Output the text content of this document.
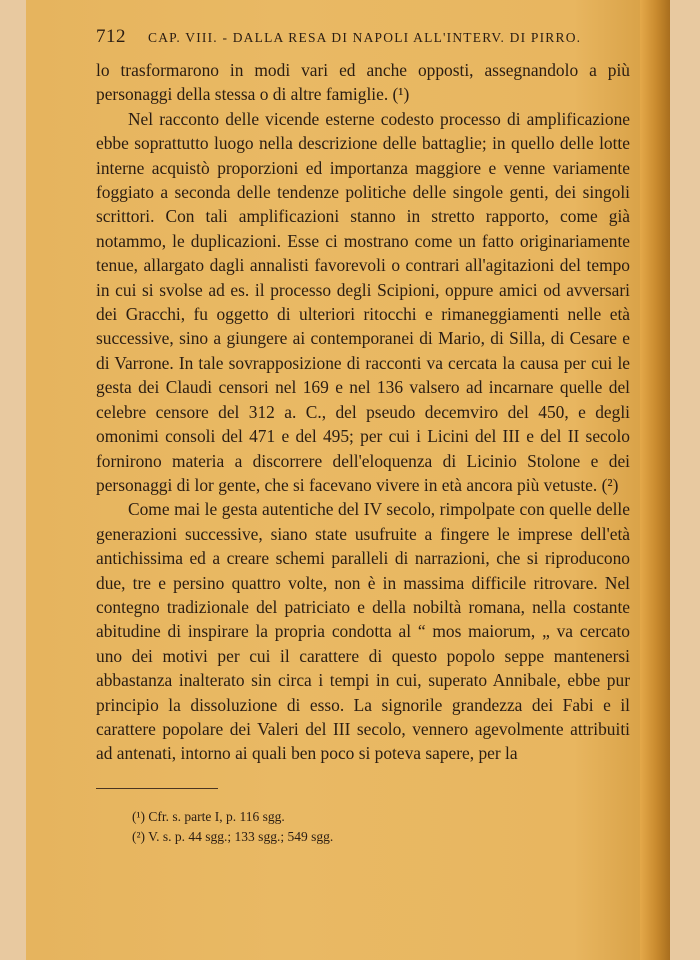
712 CAP. VIII. - DALLA RESA DI NAPOLI ALL'INTERV. DI PIRRO.

lo trasformarono in modi vari ed anche opposti, assegnandolo a più personaggi della stessa o di altre famiglie. (¹)

Nel racconto delle vicende esterne codesto processo di amplificazione ebbe soprattutto luogo nella descrizione delle battaglie; in quello delle lotte interne acquistò proporzioni ed importanza maggiore e venne variamente foggiato a seconda delle tendenze politiche delle singole genti, dei singoli scrittori. Con tali amplificazioni stanno in stretto rapporto, come già notammo, le duplicazioni. Esse ci mostrano come un fatto originariamente tenue, allargato dagli annalisti favorevoli o contrari all'agitazioni del tempo in cui si svolse ad es. il processo degli Scipioni, oppure amici od avversari dei Gracchi, fu oggetto di ulteriori ritocchi e rimaneggiamenti nelle età successive, sino a giungere ai contemporanei di Mario, di Silla, di Cesare e di Varrone. In tale sovrapposizione di racconti va cercata la causa per cui le gesta dei Claudi censori nel 169 e nel 136 valsero ad incarnare quelle del celebre censore del 312 a. C., del pseudo decemviro del 450, e degli omonimi consoli del 471 e del 495; per cui i Licini del III e del II secolo fornirono materia a discorrere dell'eloquenza di Licinio Stolone e dei personaggi di lor gente, che si facevano vivere in età ancora più vetuste. (²)

Come mai le gesta autentiche del IV secolo, rimpolpate con quelle delle generazioni successive, siano state usufruite a fingere le imprese dell'età antichissima ed a creare schemi paralleli di narrazioni, che si riproducono due, tre e persino quattro volte, non è in massima difficile ritrovare. Nel contegno tradizionale del patriciato e della nobiltà romana, nella costante abitudine di inspirare la propria condotta al “ mos maiorum, „ va cercato uno dei motivi per cui il carattere di questo popolo seppe mantenersi abbastanza inalterato sin circa i tempi in cui, superato Annibale, ebbe pur principio la dissoluzione di esso. La signorile grandezza dei Fabi e il carattere popolare dei Valeri del III secolo, vennero agevolmente attribuiti ad antenati, intorno ai quali ben poco si poteva sapere, per la

(¹) Cfr. s. parte I, p. 116 sgg.
(²) V. s. p. 44 sgg.; 133 sgg.; 549 sgg.
